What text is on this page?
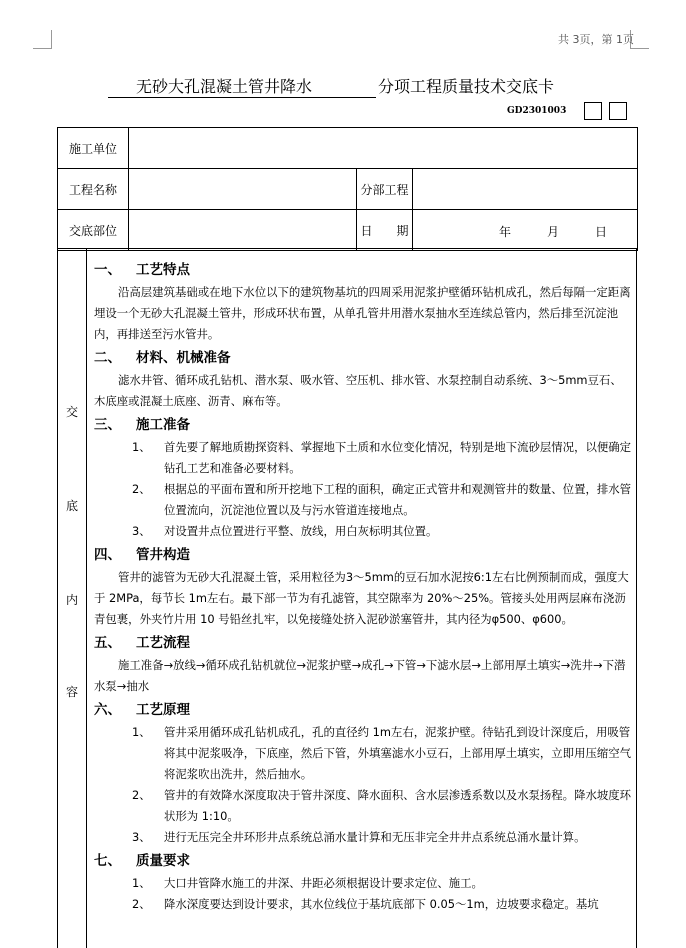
共 3页，第 1页
无砂大孔混凝土管井降水	分项工程质量技术交底卡
GD2301003
施工单位			
工程名称		分部工程	
交底部位		日　　期	年 月 日
交
底
内
容
一、 工艺特点
沿高层建筑基础或在地下水位以下的建筑物基坑的四周采用泥浆护壁循环钻机成孔，然后每隔一定距离埋设一个无砂大孔混凝土管井，形成环状布置，从单孔管井用潜水泵抽水至连续总管内，然后排至沉淀池内，再排送至污水管井。
二、 材料、机械准备
滤水井管、循环成孔钻机、潜水泵、吸水管、空压机、排水管、水泵控制自动系统、3～5mm豆石、木底座或混凝土底座、沥青、麻布等。
三、 施工准备
1、 首先要了解地质勘探资料、掌握地下土质和水位变化情况，特别是地下流砂层情况，以便确定钻孔工艺和准备必要材料。
2、 根据总的平面布置和所开挖地下工程的面积，确定正式管井和观测管井的数量、位置，排水管位置流向，沉淀池位置以及与污水管道连接地点。
3、 对设置井点位置进行平整、放线，用白灰标明其位置。
四、 管井构造
管井的滤管为无砂大孔混凝土管，采用粒径为3～5mm的豆石加水泥按6:1左右比例预制而成，强度大于 2MPa，每节长 1m左右。最下部一节为有孔滤管，其空隙率为 20%～25%。管接头处用两层麻布浇沥青包裹，外夹竹片用 10 号铅丝扎牢，以免接缝处挤入泥砂淤塞管井，其内径为φ500、φ600。
五、 工艺流程
施工准备→放线→循环成孔钻机就位→泥浆护壁→成孔→下管→下滤水层→上部用厚土填实→洗井→下潜水泵→抽水
六、 工艺原理
1、 管井采用循环成孔钻机成孔，孔的直径约 1m左右，泥浆护壁。待钻孔到设计深度后，用吸管将其中泥浆吸净，下底座，然后下管，外填塞滤水小豆石，上部用厚土填实，立即用压缩空气将泥浆吹出洗井，然后抽水。
2、 管井的有效降水深度取决于管井深度、降水面积、含水层渗透系数以及水泵扬程。降水坡度环状形为 1:10。
3、 进行无压完全井环形井点系统总涌水量计算和无压非完全井井点系统总涌水量计算。
七、 质量要求
1、 大口井管降水施工的井深、井距必须根据设计要求定位、施工。
2、 降水深度要达到设计要求，其水位线位于基坑底部下 0.05～1m，边坡要求稳定。基坑
